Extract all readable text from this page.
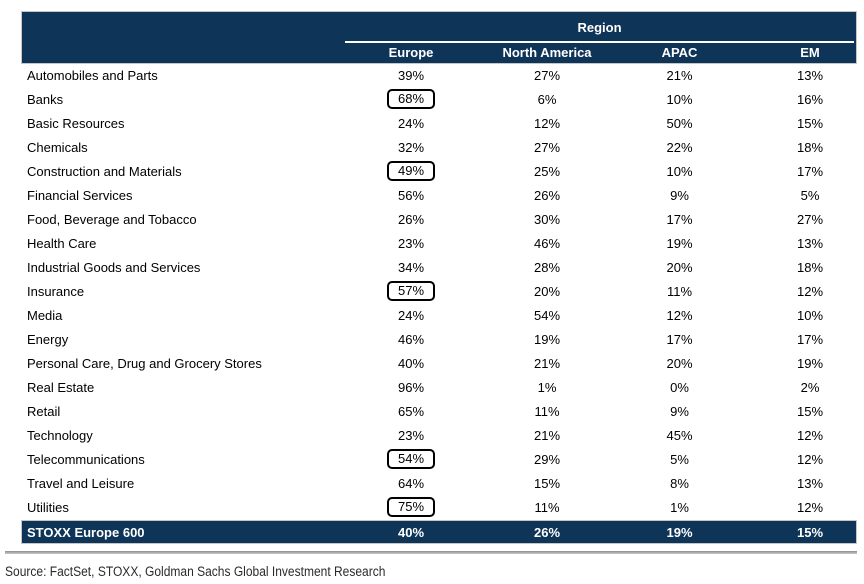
Region
Europe	North America	APAC	EM
Automobiles and Parts	39%	27%	21%	13%
Banks	68%	6%	10%	16%
Basic Resources	24%	12%	50%	15%
Chemicals	32%	27%	22%	18%
Construction and Materials	49%	25%	10%	17%
Financial Services	56%	26%	9%	5%
Food, Beverage and Tobacco	26%	30%	17%	27%
Health Care	23%	46%	19%	13%
Industrial Goods and Services	34%	28%	20%	18%
Insurance	57%	20%	11%	12%
Media	24%	54%	12%	10%
Energy	46%	19%	17%	17%
Personal Care, Drug and Grocery Stores	40%	21%	20%	19%
Real Estate	96%	1%	0%	2%
Retail	65%	11%	9%	15%
Technology	23%	21%	45%	12%
Telecommunications	54%	29%	5%	12%
Travel and Leisure	64%	15%	8%	13%
Utilities	75%	11%	1%	12%
STOXX Europe 600	40%	26%	19%	15%
Source: FactSet, STOXX, Goldman Sachs Global Investment Research
